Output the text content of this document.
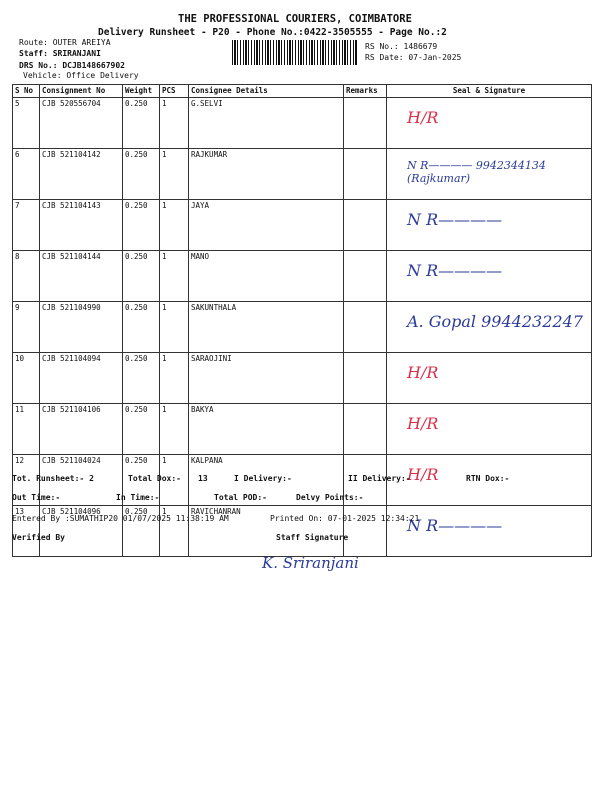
THE PROFESSIONAL COURIERS, COIMBATORE
Delivery Runsheet - P20 - Phone No.:0422-3505555 - Page No.:2
Route: OUTER AREIYA
Staff: SRIRANJANI
DRS No.: DCJB148667902
Vehicle: Office Delivery
RS No.: 1486679
RS Date: 07-Jan-2025
S No	Consignment No	Weight	PCS	Consignee Details	Remarks	Seal & Signature
5	CJB 520556704	0.250	1	G.SELVI		H/R
6	CJB 521104142	0.250	1	RAJKUMAR		N R———— 9942344134 (Rajkumar)
7	CJB 521104143	0.250	1	JAYA		N R————
8	CJB 521104144	0.250	1	MANO		N R————
9	CJB 521104990	0.250	1	SAKUNTHALA		A. Gopal 9944232247
10	CJB 521104094	0.250	1	SARAOJINI		H/R
11	CJB 521104106	0.250	1	BAKYA		H/R
12	CJB 521104024	0.250	1	KALPANA		H/R
13	CJB 521104096	0.250	1	RAVICHANRAN		N R————
Tot. Runsheet:- 2	Total Dox:- 13	I Delivery:-	II Delivery:-	RTN Dox:-
Out Time:-	In Time:-	Total POD:-	Delvy Points:-
Entered By :SUMATHIP20 01/07/2025 11:38:19 AM	Printed On: 07-01-2025 12:34:21
Verified By	Staff Signature
K. Sriranjani
